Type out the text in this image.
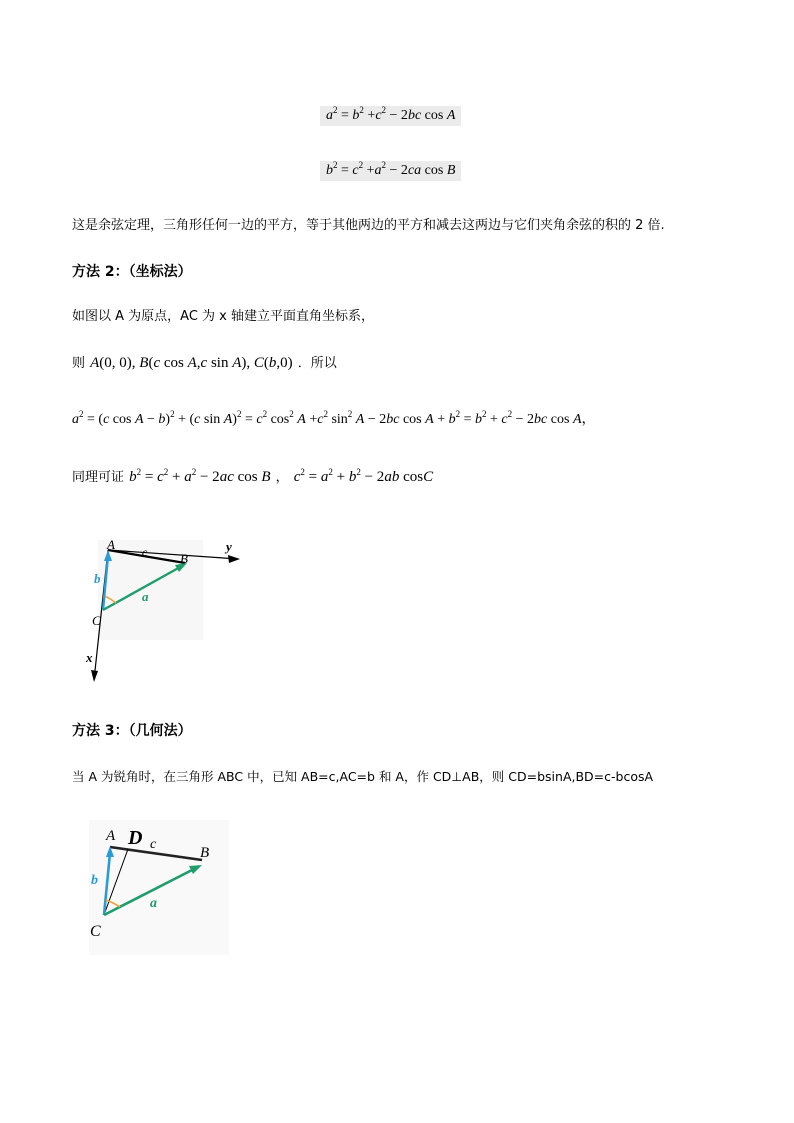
$a^2 = b^2 +c^2 - 2bc$ cos A
$b^2 = c^2 +a^2 - 2ca$ cos B
这是余弦定理，三角形任何一边的平方，等于其他两边的平方和减去这两边与它们夹角余弦的积的 2 倍.
方法 2：（坐标法）
如图以 A 为原点，AC 为 x 轴建立平面直角坐标系，
则 A(0, 0), B(c cos A,c sin A), C(b,0) ．所以
$a^2 = (c$ cos A − b)$^2$ + (c $\sin A)^2 = c^2$ $\cos^2 A +c^2$ $\sin^2 A - 2bc$ $\cos A + b^2 = b^2 + c^2 - 2bc$ cos A，
同理可证 $b^2 = c^2 + a^2 - 2ac$ cos B ， $c^2 = a^2 + b^2 - 2ab$ cosC
A c	B
b
a
C
x
y
方法 3：（几何法）
当 A 为锐角时，在三角形 ABC 中，已知 AB=c,AC=b 和 A，作 CD⊥AB，则 CD=bsinA,BD=c-bcosA
A D c
B
b
a
C
